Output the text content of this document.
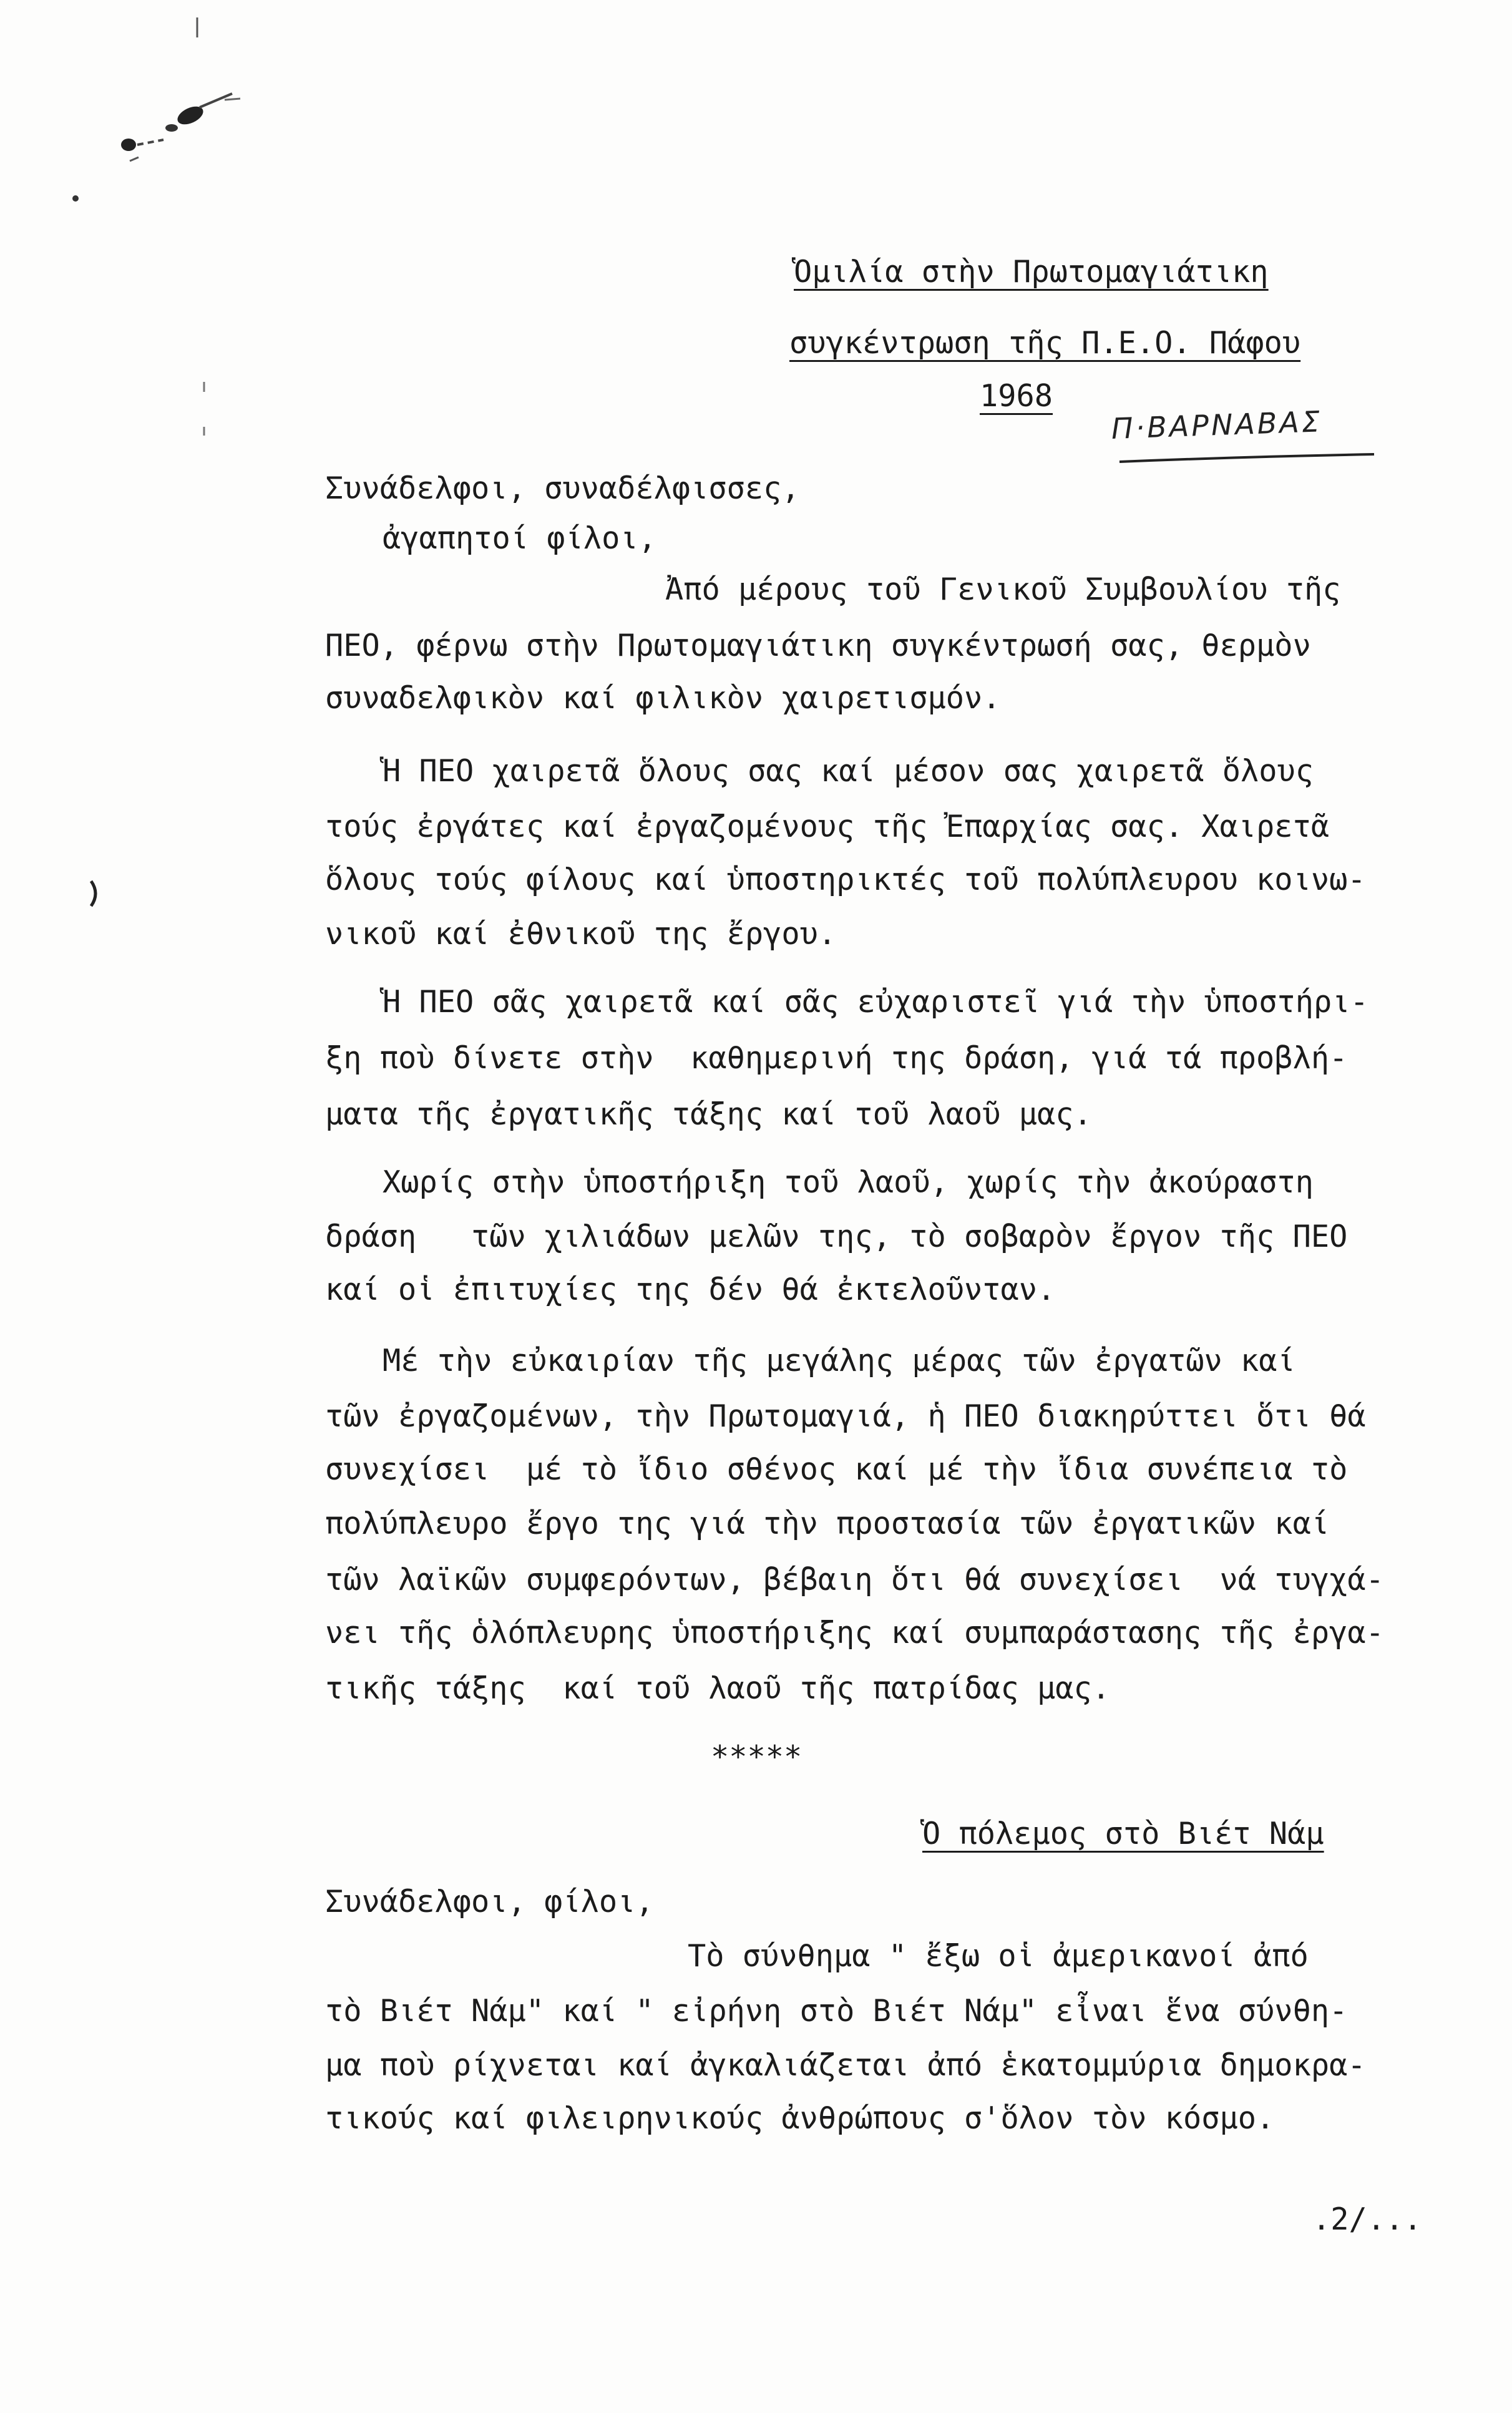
Ὁμιλία στὴν Πρωτομαγιάτικη
συγκέντρωση τῆς Π.Ε.Ο. Πάφου
1968
Π·ΒΑΡΝΑΒΑΣ
Συνάδελφοι, συναδέλφισσες,
ἀγαπητοί φίλοι,
Ἀπό μέρους τοῦ Γενικοῦ Συμβουλίου τῆς
ΠΕΟ, φέρνω στὴν Πρωτομαγιάτικη συγκέντρωσή σας, θερμὸν
συναδελφικὸν καί φιλικὸν χαιρετισμόν.
Ἡ ΠΕΟ χαιρετᾶ ὅλους σας καί μέσον σας χαιρετᾶ ὅλους
τούς ἐργάτες καί ἐργαζομένους τῆς Ἐπαρχίας σας. Χαιρετᾶ
ὅλους τούς φίλους καί ὑποστηρικτές τοῦ πολύπλευρου κοινω-
νικοῦ καί ἐθνικοῦ της ἔργου.
Ἡ ΠΕΟ σᾶς χαιρετᾶ καί σᾶς εὐχαριστεῖ γιά τὴν ὑποστήρι-
ξη ποὺ δίνετε στὴν  καθημερινή της δράση, γιά τά προβλή-
ματα τῆς ἐργατικῆς τάξης καί τοῦ λαοῦ μας.
Χωρίς στὴν ὑποστήριξη τοῦ λαοῦ, χωρίς τὴν ἀκούραστη
δράση   τῶν χιλιάδων μελῶν της, τὸ σοβαρὸν ἔργον τῆς ΠΕΟ
καί οἱ ἐπιτυχίες της δέν θά ἐκτελοῦνταν.
Μέ τὴν εὐκαιρίαν τῆς μεγάλης μέρας τῶν ἐργατῶν καί
τῶν ἐργαζομένων, τὴν Πρωτομαγιά, ἡ ΠΕΟ διακηρύττει ὅτι θά
συνεχίσει  μέ τὸ ἴδιο σθένος καί μέ τὴν ἴδια συνέπεια τὸ
πολύπλευρο ἔργο της γιά τὴν προστασία τῶν ἐργατικῶν καί
τῶν λαϊκῶν συμφερόντων, βέβαιη ὅτι θά συνεχίσει  νά τυγχά-
νει τῆς ὁλόπλευρης ὑποστήριξης καί συμπαράστασης τῆς ἐργα-
τικῆς τάξης  καί τοῦ λαοῦ τῆς πατρίδας μας.
*****
Ὁ πόλεμος στὸ Βιέτ Νάμ
Συνάδελφοι, φίλοι,
Τὸ σύνθημα " ἔξω οἱ ἀμερικανοί ἀπό
τὸ Βιέτ Νάμ" καί " εἰρήνη στὸ Βιέτ Νάμ" εἶναι ἕνα σύνθη-
μα ποὺ ρίχνεται καί ἀγκαλιάζεται ἀπό ἑκατομμύρια δημοκρα-
τικούς καί φιλειρηνικούς ἀνθρώπους σ'ὅλον τὸν κόσμο.
.2/...
